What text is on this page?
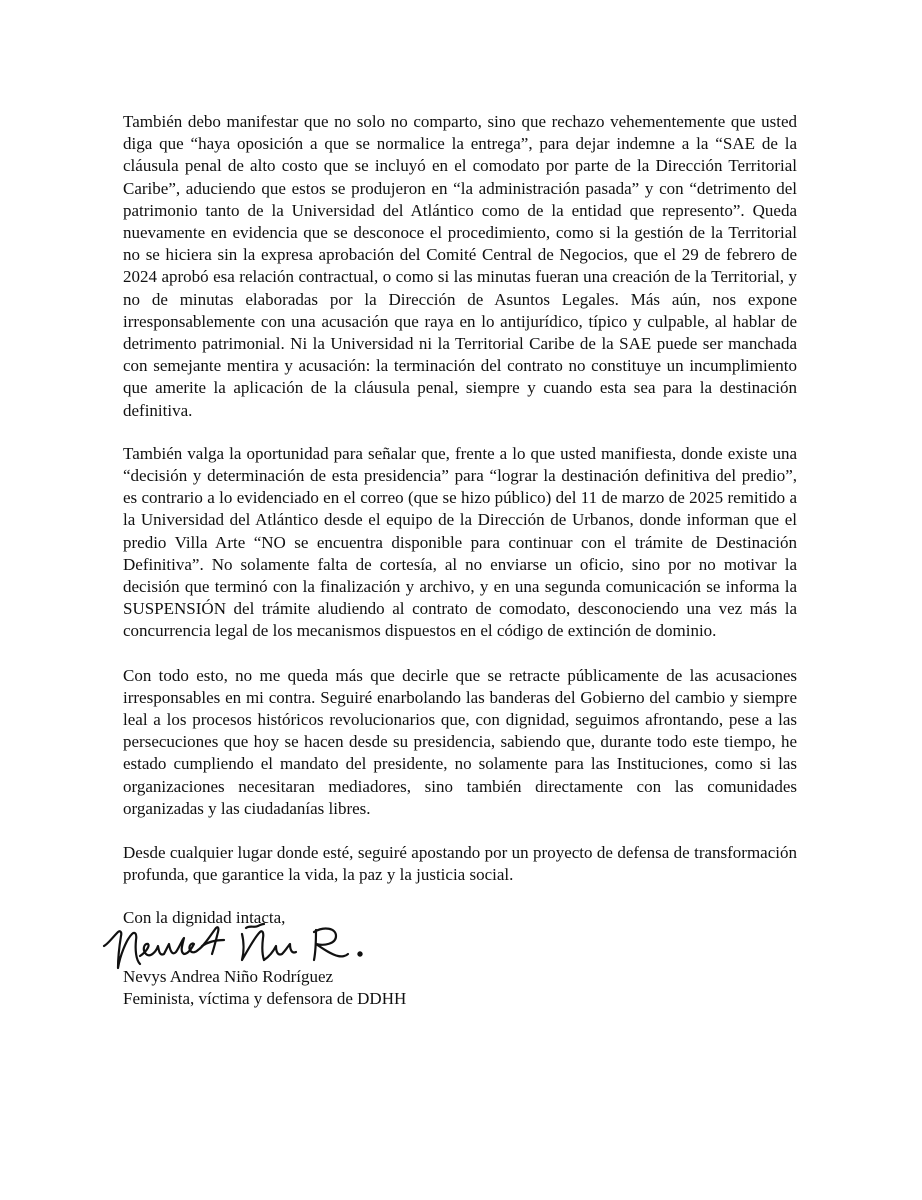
También debo manifestar que no solo no comparto, sino que rechazo vehementemente que usted diga que “haya oposición a que se normalice la entrega”, para dejar indemne a la “SAE de la cláusula penal de alto costo que se incluyó en el comodato por parte de la Dirección Territorial Caribe”, aduciendo que estos se produjeron en “la administración pasada” y con “detrimento del patrimonio tanto de la Universidad del Atlántico como de la entidad que represento”. Queda nuevamente en evidencia que se desconoce el procedimiento, como si la gestión de la Territorial no se hiciera sin la expresa aprobación del Comité Central de Negocios, que el 29 de febrero de 2024 aprobó esa relación contractual, o como si las minutas fueran una creación de la Territorial, y no de minutas elaboradas por la Dirección de Asuntos Legales. Más aún, nos expone irresponsablemente con una acusación que raya en lo antijurídico, típico y culpable, al hablar de detrimento patrimonial. Ni la Universidad ni la Territorial Caribe de la SAE puede ser manchada con semejante mentira y acusación: la terminación del contrato no constituye un incumplimiento que amerite la aplicación de la cláusula penal, siempre y cuando esta sea para la destinación definitiva.

También valga la oportunidad para señalar que, frente a lo que usted manifiesta, donde existe una “decisión y determinación de esta presidencia” para “lograr la destinación definitiva del predio”, es contrario a lo evidenciado en el correo (que se hizo público) del 11 de marzo de 2025 remitido a la Universidad del Atlántico desde el equipo de la Dirección de Urbanos, donde informan que el predio Villa Arte “NO se encuentra disponible para continuar con el trámite de Destinación Definitiva”. No solamente falta de cortesía, al no enviarse un oficio, sino por no motivar la decisión que terminó con la finalización y archivo, y en una segunda comunicación se informa la SUSPENSIÓN del trámite aludiendo al contrato de comodato, desconociendo una vez más la concurrencia legal de los mecanismos dispuestos en el código de extinción de dominio.

Con todo esto, no me queda más que decirle que se retracte públicamente de las acusaciones irresponsables en mi contra. Seguiré enarbolando las banderas del Gobierno del cambio y siempre leal a los procesos históricos revolucionarios que, con dignidad, seguimos afrontando, pese a las persecuciones que hoy se hacen desde su presidencia, sabiendo que, durante todo este tiempo, he estado cumpliendo el mandato del presidente, no solamente para las Instituciones, como si las organizaciones necesitaran mediadores, sino también directamente con las comunidades organizadas y las ciudadanías libres.

Desde cualquier lugar donde esté, seguiré apostando por un proyecto de defensa de transformación profunda, que garantice la vida, la paz y la justicia social.

Con la dignidad intacta,

Nevys Andrea Niño Rodríguez

Feminista, víctima y defensora de DDHH
